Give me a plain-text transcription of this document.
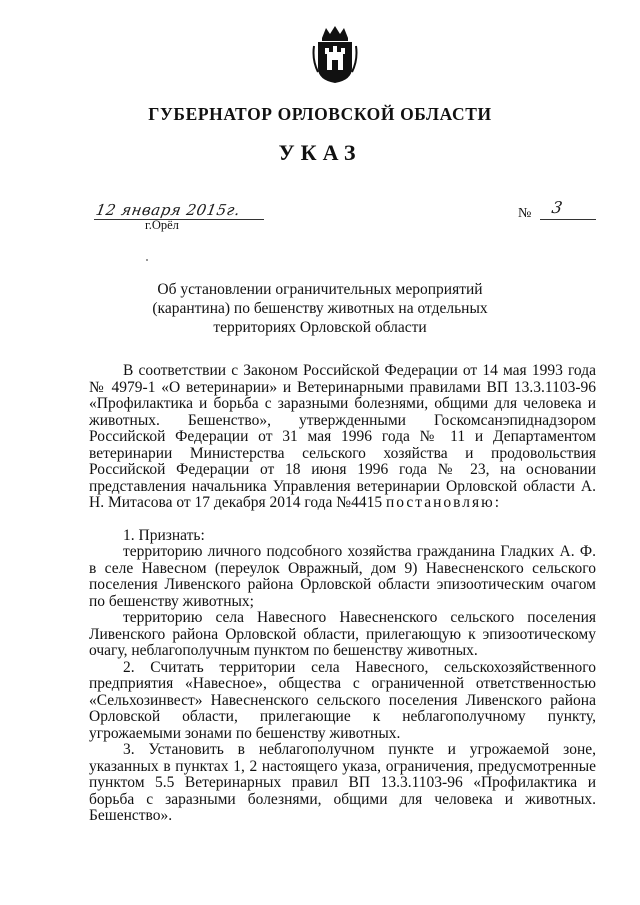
ГУБЕРНАТОР ОРЛОВСКОЙ ОБЛАСТИ
УКАЗ
12 января 2015г.
г.Орёл
№ 3
Об установлении ограничительных мероприятий
(карантина) по бешенству животных на отдельных
территориях Орловской области

В соответствии с Законом Российской Федерации от 14 мая 1993 года № 4979-1 «О ветеринарии» и Ветеринарными правилами ВП 13.3.1103-96 «Профилактика и борьба с заразными болезнями, общими для человека и животных. Бешенство», утвержденными Госкомсанэпиднадзором Российской Федерации от 31 мая 1996 года № 11 и Департаментом ветеринарии Министерства сельского хозяйства и продовольствия Российской Федерации от 18 июня 1996 года № 23, на основании представления начальника Управления ветеринарии Орловской области А. Н. Митасова от 17 декабря 2014 года №4415 постановляю:

1. Признать:

территорию личного подсобного хозяйства гражданина Гладких А. Ф. в селе Навесном (переулок Овражный, дом 9) Навесненского сельского поселения Ливенского района Орловской области эпизоотическим очагом по бешенству животных;

территорию села Навесного Навесненского сельского поселения Ливенского района Орловской области, прилегающую к эпизоотическому очагу, неблагополучным пунктом по бешенству животных.

2. Считать территории села Навесного, сельскохозяйственного предприятия «Навесное», общества с ограниченной ответственностью «Сельхозинвест» Навесненского сельского поселения Ливенского района Орловской области, прилегающие к неблагополучному пункту, угрожаемыми зонами по бешенству животных.

3. Установить в неблагополучном пункте и угрожаемой зоне, указанных в пунктах 1, 2 настоящего указа, ограничения, предусмотренные пунктом 5.5 Ветеринарных правил ВП 13.3.1103-96 «Профилактика и борьба с заразными болезнями, общими для человека и животных. Бешенство».
